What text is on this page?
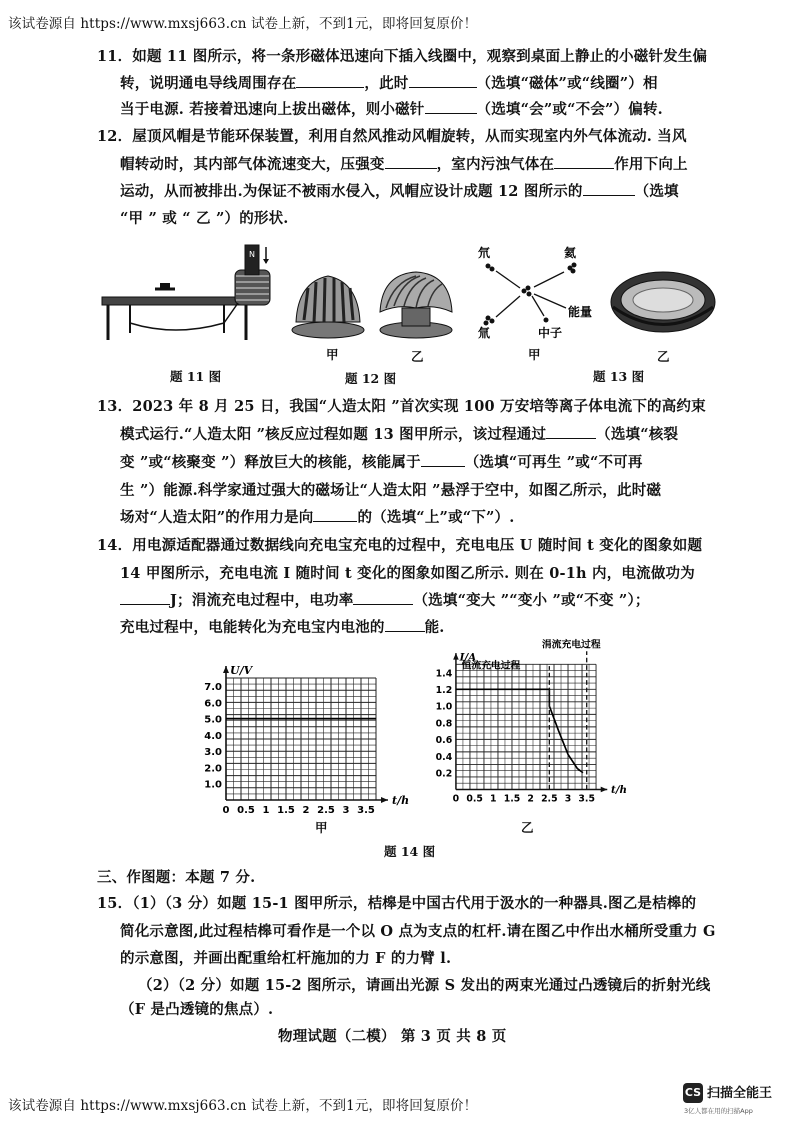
该试卷源自 https://www.mxsj663.cn 试卷上新，不到1元，即将回复原价！
11．如题 11 图所示，将一条形磁体迅速向下插入线圈中，观察到桌面上静止的小磁针发生偏
转，说明通电导线周围存在	，此时	（选填“磁体”或“线圈”）相
当于电源. 若接着迅速向上拔出磁体，则小磁针	（选填“会”或“不会”）偏转.
12．屋顶风帽是节能环保装置，利用自然风推动风帽旋转，从而实现室内外气体流动. 当风
帽转动时，其内部气体流速变大，压强变	，室内污浊气体在	作用下向上
运动，从而被排出.为保证不被雨水侵入，风帽应设计成题 12 图所示的	（选填
“甲 ” 或 “ 乙 ”）的形状.
N	氘	氦
氚	中子
能量
甲	乙	甲	乙
题 11 图	题 12 图	题 13 图
13．2023 年 8 月 25 日，我国“人造太阳 ”首次实现 100 万安培等离子体电流下的高约束
模式运行.“人造太阳 ”核反应过程如题 13 图甲所示，该过程通过	（选填“核裂
变 ”或“核聚变 ”）释放巨大的核能，核能属于	（选填“可再生 ”或“不可再
生 ”）能源.科学家通过强大的磁场让“人造太阳 ”悬浮于空中，如图乙所示，此时磁
场对“人造太阳”的作用力是向	的（选填“上”或“下”）.
14．用电源适配器通过数据线向充电宝充电的过程中，充电电压 U 随时间 t 变化的图象如题
14 甲图所示，充电电流 I 随时间 t 变化的图象如图乙所示. 则在 0-1h 内，电流做功为
J；涓流充电过程中，电功率	（选填“变大 ”“变小 ”或“不变 ”）；
充电过程中，电能转化为充电宝内电池的	能.
0 0.5 1 1.5 2 2.5 3 3.5
1.0
2.0
3.0
4.0
5.0
6.0
7.0
t/h
U/V
0 0.5 1 1.5 2 2.5 3 3.5
0.2
0.4
0.6
0.8
1.0
1.2
1.4
t/h
I/A
涓流充电过程
恒流充电过程
甲	乙
题 14 图
三、作图题：本题 7 分.
15．（1）（3 分）如题 15-1 图甲所示，桔槔是中国古代用于汲水的一种器具.图乙是桔槔的
简化示意图,此过程桔槔可看作是一个以 O 点为支点的杠杆.请在图乙中作出水桶所受重力 G
的示意图，并画出配重给杠杆施加的力 F 的力臂 l.
（2）（2 分）如题 15-2 图所示，请画出光源 S 发出的两束光通过凸透镜后的折射光线
（F 是凸透镜的焦点）.
物理试题（二模） 第 3 页 共 8 页
该试卷源自 https://www.mxsj663.cn 试卷上新，不到1元，即将回复原价！
CS 扫描全能王
3亿人都在用的扫描App
